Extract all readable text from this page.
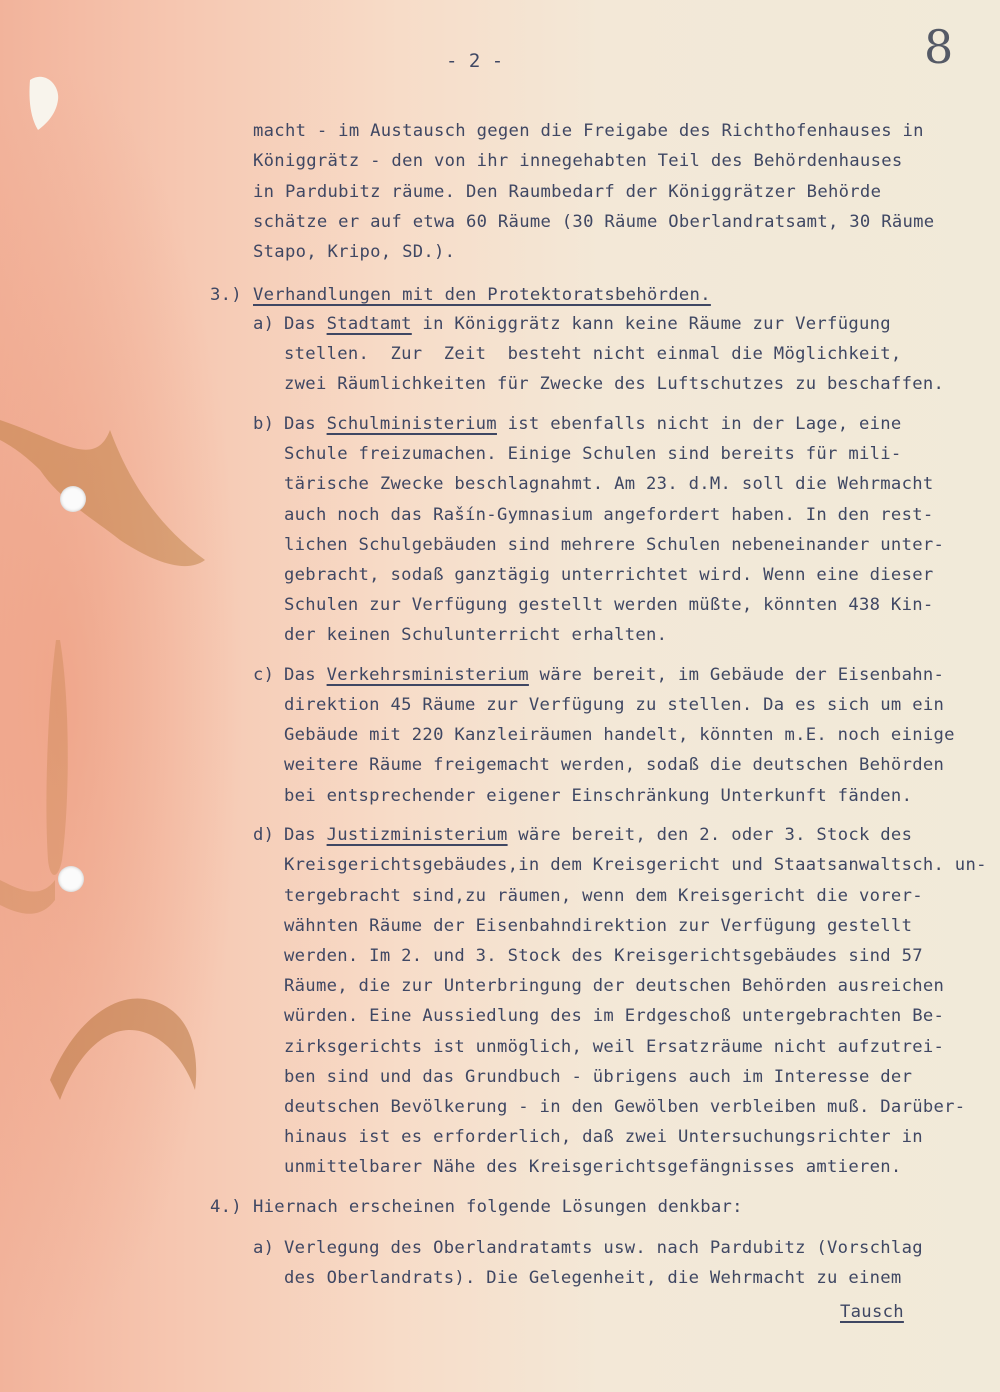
- 2 -	8
macht - im Austausch gegen die Freigabe des Richthofenhauses in
Königgrätz - den von ihr innegehabten Teil des Behördenhauses
in Pardubitz räume. Den Raumbedarf der Königgrätzer Behörde
schätze er auf etwa 60 Räume (30 Räume Oberlandratsamt, 30 Räume
Stapo, Kripo, SD.).
3.) Verhandlungen mit den Protektoratsbehörden.
a) Das Stadtamt in Königgrätz kann keine Räume zur Verfügung
stellen.  Zur  Zeit  besteht nicht einmal die Möglichkeit,
zwei Räumlichkeiten für Zwecke des Luftschutzes zu beschaffen.
b) Das Schulministerium ist ebenfalls nicht in der Lage, eine
Schule freizumachen. Einige Schulen sind bereits für mili-
tärische Zwecke beschlagnahmt. Am 23. d.M. soll die Wehrmacht
auch noch das Rašín-Gymnasium angefordert haben. In den rest-
lichen Schulgebäuden sind mehrere Schulen nebeneinander unter-
gebracht, sodaß ganztägig unterrichtet wird. Wenn eine dieser
Schulen zur Verfügung gestellt werden müßte, könnten 438 Kin-
der keinen Schulunterricht erhalten.
c) Das Verkehrsministerium wäre bereit, im Gebäude der Eisenbahn-
direktion 45 Räume zur Verfügung zu stellen. Da es sich um ein
Gebäude mit 220 Kanzleiräumen handelt, könnten m.E. noch einige
weitere Räume freigemacht werden, sodaß die deutschen Behörden
bei entsprechender eigener Einschränkung Unterkunft fänden.
d) Das Justizministerium wäre bereit, den 2. oder 3. Stock des
Kreisgerichtsgebäudes,in dem Kreisgericht und Staatsanwaltsch. un-
tergebracht sind,zu räumen, wenn dem Kreisgericht die vorer-
wähnten Räume der Eisenbahndirektion zur Verfügung gestellt
werden. Im 2. und 3. Stock des Kreisgerichtsgebäudes sind 57
Räume, die zur Unterbringung der deutschen Behörden ausreichen
würden. Eine Aussiedlung des im Erdgeschoß untergebrachten Be-
zirksgerichts ist unmöglich, weil Ersatzräume nicht aufzutrei-
ben sind und das Grundbuch - übrigens auch im Interesse der
deutschen Bevölkerung - in den Gewölben verbleiben muß. Darüber-
hinaus ist es erforderlich, daß zwei Untersuchungsrichter in
unmittelbarer Nähe des Kreisgerichtsgefängnisses amtieren.
4.) Hiernach erscheinen folgende Lösungen denkbar:
a) Verlegung des Oberlandratamts usw. nach Pardubitz (Vorschlag
des Oberlandrats). Die Gelegenheit, die Wehrmacht zu einem
Tausch
